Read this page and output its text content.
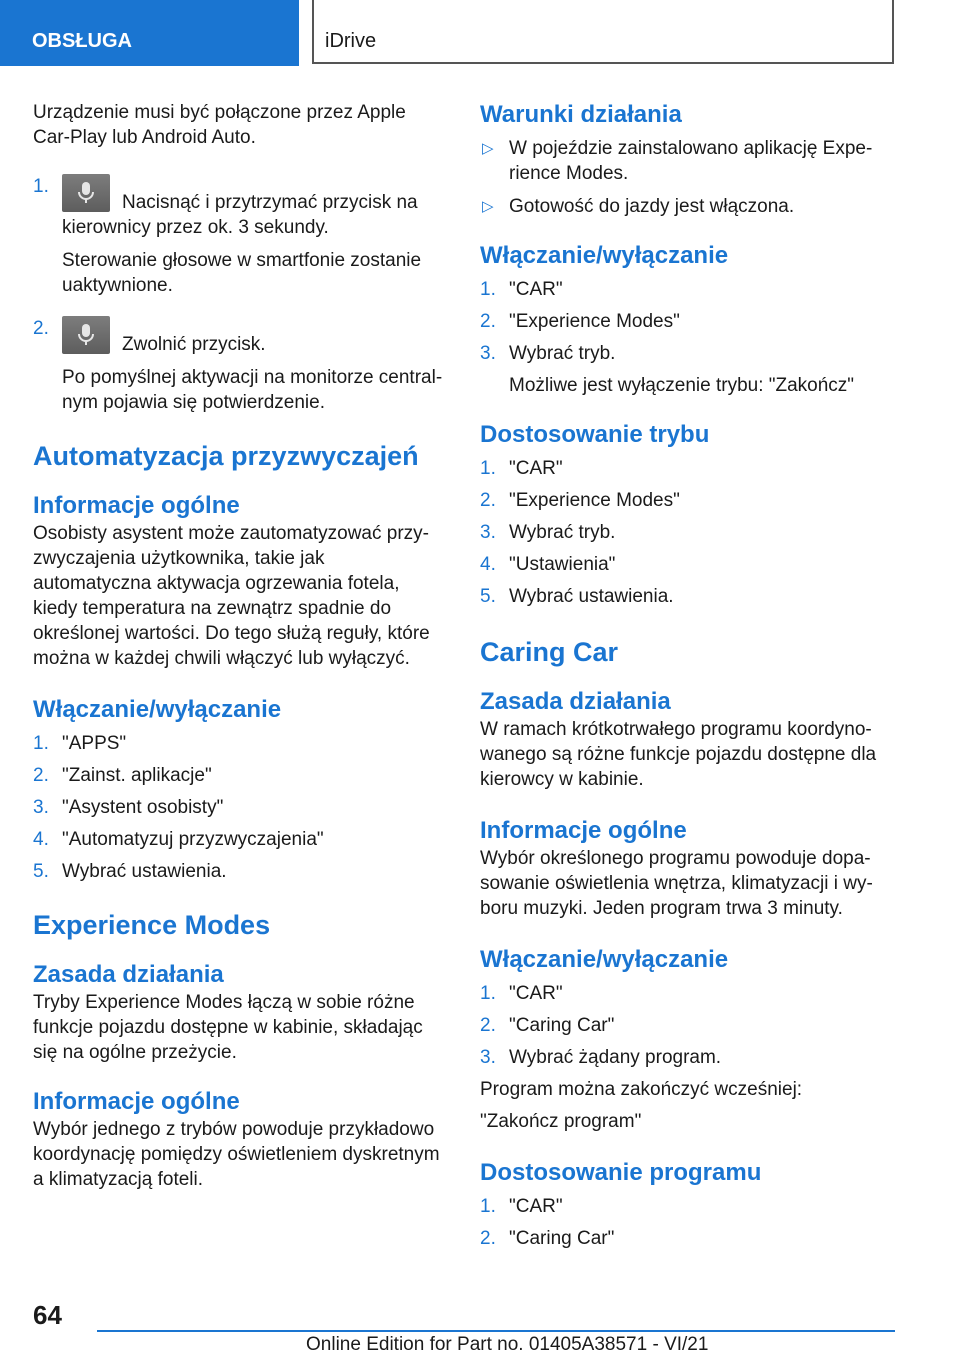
OBSŁUGA	iDrive

Urządzenie musi być połączone przez Apple Car-Play lub Android Auto.

1.
Nacisnąć i przytrzymać przycisk na kierownicy przez ok. 3 sekundy.
Sterowanie głosowe w smartfonie zostanie uaktywnione.
2.
Zwolnić przycisk.
Po pomyślnej aktywacji na monitorze central-nym pojawia się potwierdzenie.
Automatyzacja przyzwyczajeń
Informacje ogólne

Osobisty asystent może zautomatyzować przy-zwyczajenia użytkownika, takie jak automatyczna aktywacja ogrzewania fotela, kiedy temperatura na zewnątrz spadnie do określonej wartości. Do tego służą reguły, które można w każdej chwili włączyć lub wyłączyć.

Włączanie/wyłączanie
1. "APPS"
2. "Zainst. aplikacje"
3. "Asystent osobisty"
4. "Automatyzuj przyzwyczajenia"
5. Wybrać ustawienia.
Experience Modes
Zasada działania

Tryby Experience Modes łączą w sobie różne funkcje pojazdu dostępne w kabinie, składając się na ogólne przeżycie.

Informacje ogólne

Wybór jednego z trybów powoduje przykładowo koordynację pomiędzy oświetleniem dyskretnym a klimatyzacją foteli.

Warunki działania
▷ W pojeździe zainstalowano aplikację Expe-rience Modes.
▷ Gotowość do jazdy jest włączona.
Włączanie/wyłączanie
1. "CAR"
2. "Experience Modes"
3. Wybrać tryb.
Możliwe jest wyłączenie trybu: "Zakończ"
Dostosowanie trybu
1. "CAR"
2. "Experience Modes"
3. Wybrać tryb.
4. "Ustawienia"
5. Wybrać ustawienia.
Caring Car
Zasada działania

W ramach krótkotrwałego programu koordyno-wanego są różne funkcje pojazdu dostępne dla kierowcy w kabinie.

Informacje ogólne

Wybór określonego programu powoduje dopa-sowanie oświetlenia wnętrza, klimatyzacji i wy-boru muzyki. Jeden program trwa 3 minuty.

Włączanie/wyłączanie
1. "CAR"
2. "Caring Car"
3. Wybrać żądany program.

Program można zakończyć wcześniej:

"Zakończ program"

Dostosowanie programu
1. "CAR"
2. "Caring Car"
64
Online Edition for Part no. 01405A38571 - VI/21
